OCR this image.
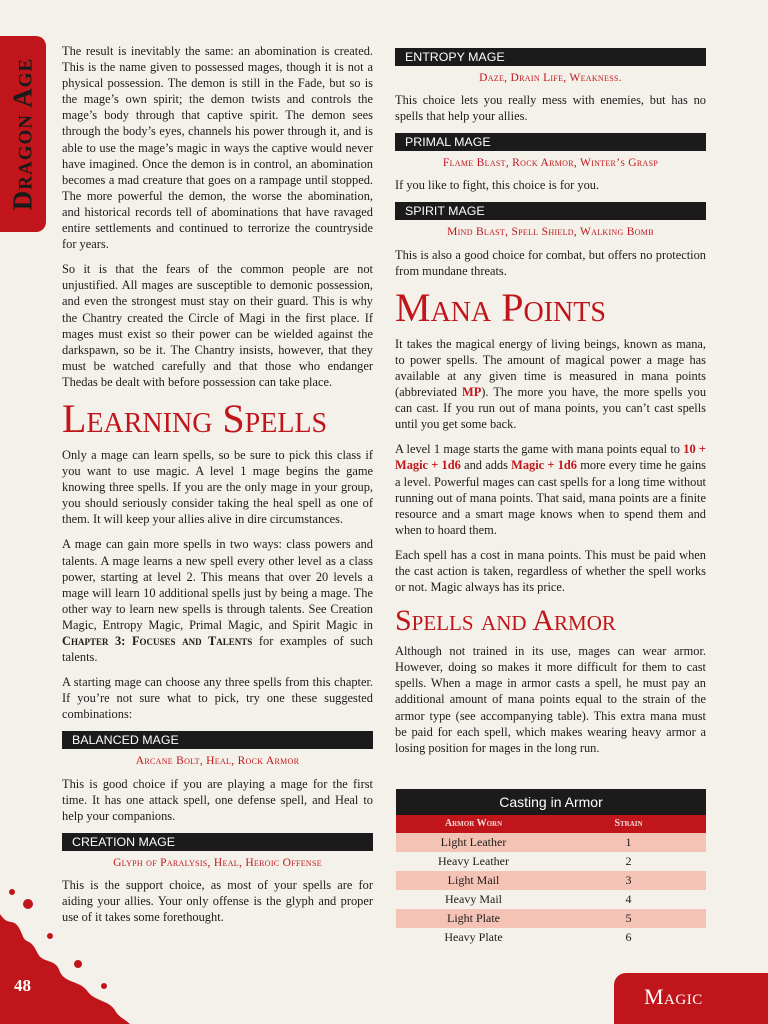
Dragon Age
48	Magic

The result is inevitably the same: an abomination is created. This is the name given to possessed mages, though it is not a physical possession. The demon is still in the Fade, but so is the mage’s own spirit; the demon twists and controls the mage’s body through that captive spirit. The demon sees through the body’s eyes, channels his power through it, and is able to use the mage’s magic in ways the captive would never have imagined. Once the demon is in control, an abomination becomes a mad creature that goes on a rampage until stopped. The more powerful the demon, the worse the abomination, and historical records tell of abominations that have ravaged entire settlements and continued to terrorize the countryside for years.

So it is that the fears of the common people are not unjustified. All mages are susceptible to demonic possession, and even the strongest must stay on their guard. This is why the Chantry created the Circle of Magi in the first place. If mages must exist so their power can be wielded against the darkspawn, so be it. The Chantry insists, however, that they must be watched carefully and that those who endanger Thedas be dealt with before possession can take place.

Learning Spells

Only a mage can learn spells, so be sure to pick this class if you want to use magic. A level 1 mage begins the game knowing three spells. If you are the only mage in your group, you should seriously consider taking the heal spell as one of them. It will keep your allies alive in dire circumstances.

A mage can gain more spells in two ways: class powers and talents. A mage learns a new spell every other level as a class power, starting at level 2. This means that over 20 levels a mage will learn 10 additional spells just by being a mage. The other way to learn new spells is through talents. See Creation Magic, Entropy Magic, Primal Magic, and Spirit Magic in Chapter 3: Focuses and Talents for examples of such talents.

A starting mage can choose any three spells from this chapter. If you’re not sure what to pick, try one these suggested combinations:

BALANCED MAGE
Arcane Bolt, Heal, Rock Armor

This is good choice if you are playing a mage for the first time. It has one attack spell, one defense spell, and Heal to help your companions.

CREATION MAGE
Glyph of Paralysis, Heal, Heroic Offense

This is the support choice, as most of your spells are for aiding your allies. Your only offense is the glyph and proper use of it takes some forethought.

ENTROPY MAGE
Daze, Drain Life, Weakness.

This choice lets you really mess with enemies, but has no spells that help your allies.

PRIMAL MAGE
Flame Blast, Rock Armor, Winter’s Grasp

If you like to fight, this choice is for you.

SPIRIT MAGE
Mind Blast, Spell Shield, Walking Bomb

This is also a good choice for combat, but offers no protection from mundane threats.

Mana Points

It takes the magical energy of living beings, known as mana, to power spells. The amount of magical power a mage has available at any given time is measured in mana points (abbreviated MP). The more you have, the more spells you can cast. If you run out of mana points, you can’t cast spells until you get some back.

A level 1 mage starts the game with mana points equal to 10 + Magic + 1d6 and adds Magic + 1d6 more every time he gains a level. Powerful mages can cast spells for a long time without running out of mana points. That said, mana points are a finite resource and a smart mage knows when to spend them and when to hoard them.

Each spell has a cost in mana points. This must be paid when the cast action is taken, regardless of whether the spell works or not. Magic always has its price.

Spells and Armor

Although not trained in its use, mages can wear armor. However, doing so makes it more difficult for them to cast spells. When a mage in armor casts a spell, he must pay an additional amount of mana points equal to the strain of the armor type (see accompanying table). This extra mana must be paid for each spell, which makes wearing heavy armor a losing position for mages in the long run.

Casting in Armor
Armor Worn	Strain
Light Leather	1
Heavy Leather	2
Light Mail	3
Heavy Mail	4
Light Plate	5
Heavy Plate	6
